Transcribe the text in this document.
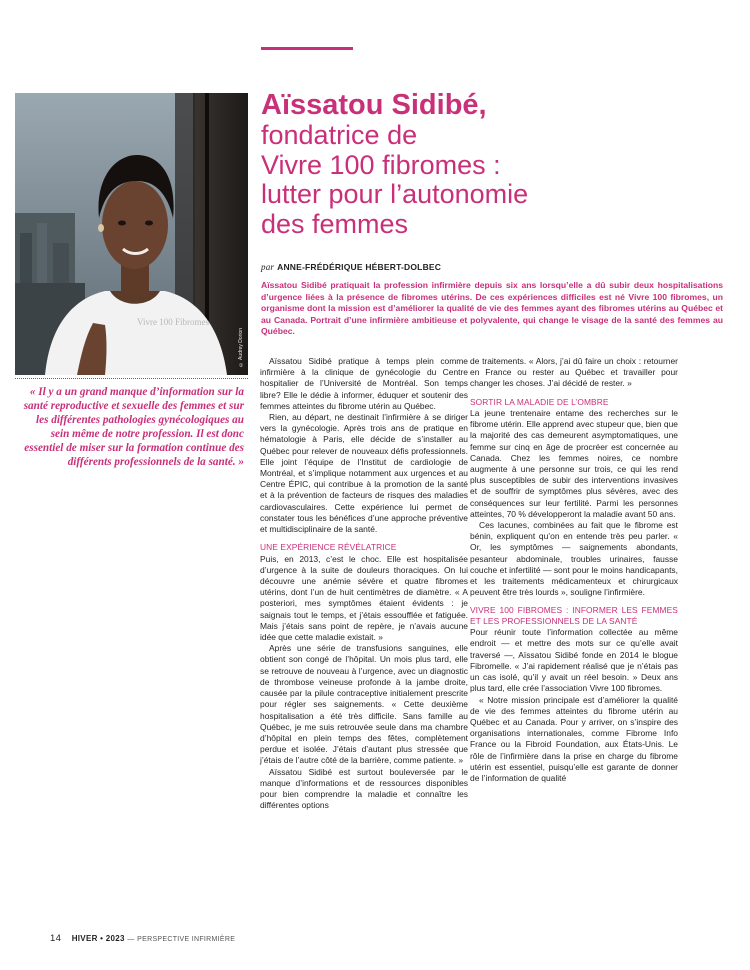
Vivre 100 Fibromes
© Audrey Dorion
Aïssatou Sidibé,
fondatrice de
Vivre 100 fibromes :
lutter pour l’autonomie
des femmes
par ANNE-FRÉDÉRIQUE HÉBERT-DOLBEC

Aïssatou Sidibé pratiquait la profession infirmière depuis six ans lorsqu’elle a dû subir deux hospitalisations d’urgence liées à la présence de fibromes utérins. De ces expériences difficiles est né Vivre 100 fibromes, un organisme dont la mission est d’améliorer la qualité de vie des femmes ayant des fibromes utérins au Québec et au Canada. Portrait d’une infirmière ambitieuse et polyvalente, qui change le visage de la santé des femmes au Québec.

« Il y a un grand manque d’information sur la santé reproductive et sexuelle des femmes et sur les différentes pathologies gynécologiques au sein même de notre profession. Il est donc essentiel de miser sur la formation continue des différents professionnels de la santé. »

Aïssatou Sidibé pratique à temps plein comme infirmière à la clinique de gynécologie du Centre hospitalier de l’Université de Montréal. Son temps libre? Elle le dédie à informer, éduquer et soutenir des femmes atteintes du fibrome utérin au Québec.

Rien, au départ, ne destinait l’infirmière à se diriger vers la gynécologie. Après trois ans de pratique en hématologie à Paris, elle décide de s’installer au Québec pour relever de nouveaux défis professionnels. Elle joint l’équipe de l’Institut de cardiologie de Montréal, et s’implique notamment aux urgences et au Centre ÉPIC, qui contribue à la promotion de la santé et à la prévention de facteurs de risques des maladies cardiovasculaires. Cette expérience lui permet de constater tous les bénéfices d’une approche préventive et multidisciplinaire de la santé.

UNE EXPÉRIENCE RÉVÉLATRICE

Puis, en 2013, c’est le choc. Elle est hospitalisée d’urgence à la suite de douleurs thoraciques. On lui découvre une anémie sévère et quatre fibromes utérins, dont l’un de huit centimètres de diamètre. « A posteriori, mes symptômes étaient évidents : je saignais tout le temps, et j’étais essoufflée et fatiguée. Mais j’étais sans point de repère, je n’avais aucune idée que cette maladie existait. »

Après une série de transfusions sanguines, elle obtient son congé de l’hôpital. Un mois plus tard, elle se retrouve de nouveau à l’urgence, avec un diagnostic de thrombose veineuse profonde à la jambe droite, causée par la pilule contraceptive initialement prescrite pour régler ses saignements. « Cette deuxième hospitalisation a été très difficile. Sans famille au Québec, je me suis retrouvée seule dans ma chambre d’hôpital en plein temps des fêtes, complètement perdue et isolée. J’étais d’autant plus stressée que j’étais de l’autre côté de la barrière, comme patiente. »

Aïssatou Sidibé est surtout bouleversée par le manque d’informations et de ressources disponibles pour bien comprendre la maladie et connaître les différentes options

de traitements. « Alors, j’ai dû faire un choix : retourner en France ou rester au Québec et travailler pour changer les choses. J’ai décidé de rester. »

SORTIR LA MALADIE DE L’OMBRE

La jeune trentenaire entame des recherches sur le fibrome utérin. Elle apprend avec stupeur que, bien que la majorité des cas demeurent asymptomatiques, une femme sur cinq en âge de procréer est concernée au Canada. Chez les femmes noires, ce nombre augmente à une personne sur trois, ce qui les rend plus susceptibles de subir des interventions invasives et de souffrir de symptômes plus sévères, avec des conséquences sur leur fertilité. Parmi les personnes atteintes, 70 % développeront la maladie avant 50 ans.

Ces lacunes, combinées au fait que le fibrome est bénin, expliquent qu’on en entende très peu parler. « Or, les symptômes — saignements abondants, pesanteur abdominale, troubles urinaires, fausse couche et infertilité — sont pour le moins handicapants, et les traitements médicamenteux et chirurgicaux peuvent être très lourds », souligne l’infirmière.

VIVRE 100 FIBROMES : INFORMER LES FEMMES ET LES PROFESSIONNELS DE LA SANTÉ

Pour réunir toute l’information collectée au même endroit — et mettre des mots sur ce qu’elle avait traversé —, Aïssatou Sidibé fonde en 2014 le blogue Fibromelle. « J’ai rapidement réalisé que je n’étais pas un cas isolé, qu’il y avait un réel besoin. » Deux ans plus tard, elle crée l’association Vivre 100 fibromes.

« Notre mission principale est d’améliorer la qualité de vie des femmes atteintes du fibrome utérin au Québec et au Canada. Pour y arriver, on s’inspire des organisations internationales, comme Fibrome Info France ou la Fibroid Foundation, aux États-Unis. Le rôle de l’infirmière dans la prise en charge du fibrome utérin est essentiel, puisqu’elle est garante de donner de l’information de qualité

14 HIVER • 2023 — PERSPECTIVE INFIRMIÈRE
